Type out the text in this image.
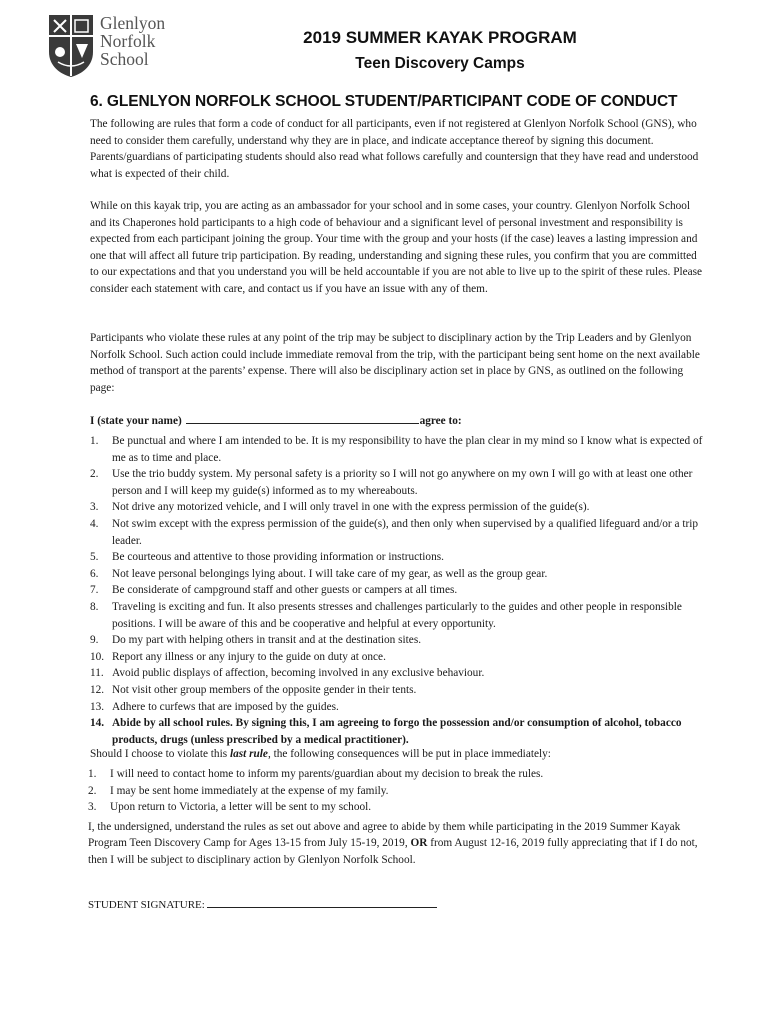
Glenlyon
Norfolk
School
2019 SUMMER KAYAK PROGRAM
Teen Discovery Camps
6. GLENLYON NORFOLK SCHOOL STUDENT/PARTICIPANT CODE OF CONDUCT
The following are rules that form a code of conduct for all participants, even if not registered at Glenlyon Norfolk School (GNS), who need to consider them carefully, understand why they are in place, and indicate acceptance thereof by signing this document. Parents/guardians of participating students should also read what follows carefully and countersign that they have read and understood what is expected of their child.
While on this kayak trip, you are acting as an ambassador for your school and in some cases, your country. Glenlyon Norfolk School and its Chaperones hold participants to a high code of behaviour and a significant level of personal investment and responsibility is expected from each participant joining the group. Your time with the group and your hosts (if the case) leaves a lasting impression and one that will affect all future trip participation. By reading, understanding and signing these rules, you confirm that you are committed to our expectations and that you understand you will be held accountable if you are not able to live up to the spirit of these rules. Please consider each statement with care, and contact us if you have an issue with any of them.
Participants who violate these rules at any point of the trip may be subject to disciplinary action by the Trip Leaders and by Glenlyon Norfolk School. Such action could include immediate removal from the trip, with the participant being sent home on the next available method of transport at the parents’ expense. There will also be disciplinary action set in place by GNS, as outlined on the following page:
I (state your name)	agree to:
1. Be punctual and where I am intended to be. It is my responsibility to have the plan clear in my mind so I know what is expected of me as to time and place.
2. Use the trio buddy system. My personal safety is a priority so I will not go anywhere on my own I will go with at least one other person and I will keep my guide(s) informed as to my whereabouts.
3. Not drive any motorized vehicle, and I will only travel in one with the express permission of the guide(s).
4. Not swim except with the express permission of the guide(s), and then only when supervised by a qualified lifeguard and/or a trip leader.
5. Be courteous and attentive to those providing information or instructions.
6. Not leave personal belongings lying about. I will take care of my gear, as well as the group gear.
7. Be considerate of campground staff and other guests or campers at all times.
8. Traveling is exciting and fun. It also presents stresses and challenges particularly to the guides and other people in responsible positions. I will be aware of this and be cooperative and helpful at every opportunity.
9. Do my part with helping others in transit and at the destination sites.
10. Report any illness or any injury to the guide on duty at once.
11. Avoid public displays of affection, becoming involved in any exclusive behaviour.
12. Not visit other group members of the opposite gender in their tents.
13. Adhere to curfews that are imposed by the guides.
14. Abide by all school rules. By signing this, I am agreeing to forgo the possession and/or consumption of alcohol, tobacco products, drugs (unless prescribed by a medical practitioner).
Should I choose to violate this last rule, the following consequences will be put in place immediately:
1. I will need to contact home to inform my parents/guardian about my decision to break the rules.
2. I may be sent home immediately at the expense of my family.
3. Upon return to Victoria, a letter will be sent to my school.
I, the undersigned, understand the rules as set out above and agree to abide by them while participating in the 2019 Summer Kayak Program Teen Discovery Camp for Ages 13-15 from July 15-19, 2019, OR from August 12-16, 2019 fully appreciating that if I do not, then I will be subject to disciplinary action by Glenlyon Norfolk School.
STUDENT SIGNATURE:
